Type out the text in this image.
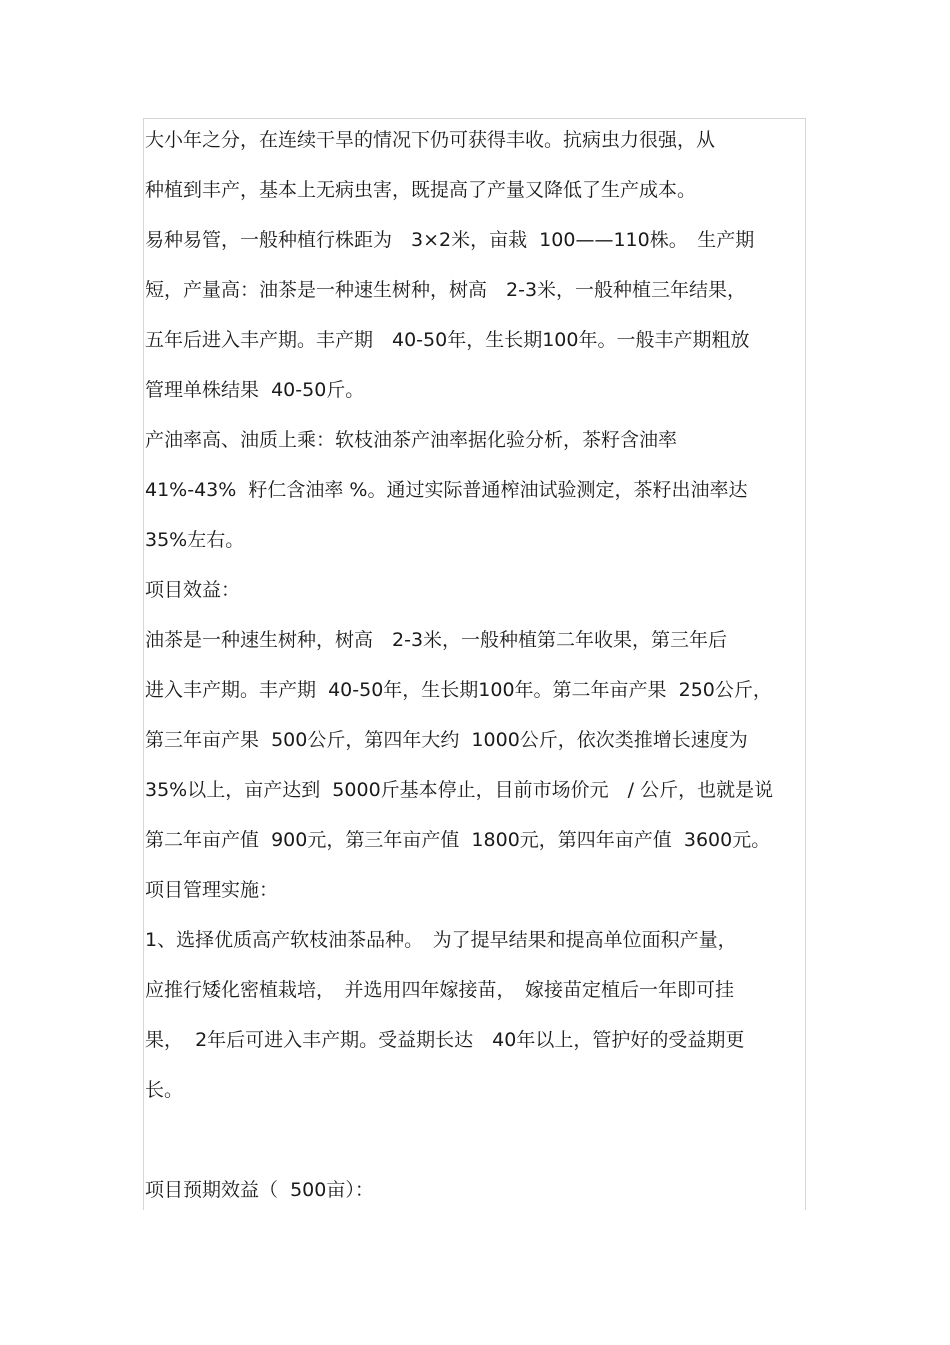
大小年之分，在连续干旱的情况下仍可获得丰收。抗病虫力很强，从
种植到丰产，基本上无病虫害，既提高了产量又降低了生产成本。
易种易管，一般种植行株距为　3×2米，亩栽  100——110株。　生产期
短，产量高：油茶是一种速生树种，树高　2-3米，一般种植三年结果，
五年后进入丰产期。丰产期　40-50年，生长期100年。一般丰产期粗放
管理单株结果  40-50斤。
产油率高、油质上乘：软枝油茶产油率据化验分析，茶籽含油率
41%-43%  籽仁含油率 %。通过实际普通榨油试验测定，茶籽出油率达
35%左右。
项目效益：
油茶是一种速生树种，树高　2-3米，一般种植第二年收果，第三年后
进入丰产期。丰产期  40-50年，生长期100年。第二年亩产果  250公斤，
第三年亩产果  500公斤，第四年大约  1000公斤，依次类推增长速度为
35%以上，亩产达到  5000斤基本停止，目前市场价元　/ 公斤，也就是说
第二年亩产值  900元，第三年亩产值  1800元，第四年亩产值  3600元。
项目管理实施：
1、选择优质高产软枝油茶品种。　为了提早结果和提高单位面积产量，
应推行矮化密植栽培，　并选用四年嫁接苗，　嫁接苗定植后一年即可挂
果，  2年后可进入丰产期。受益期长达　40年以上，管护好的受益期更
长。
项目预期效益（  500亩）：
